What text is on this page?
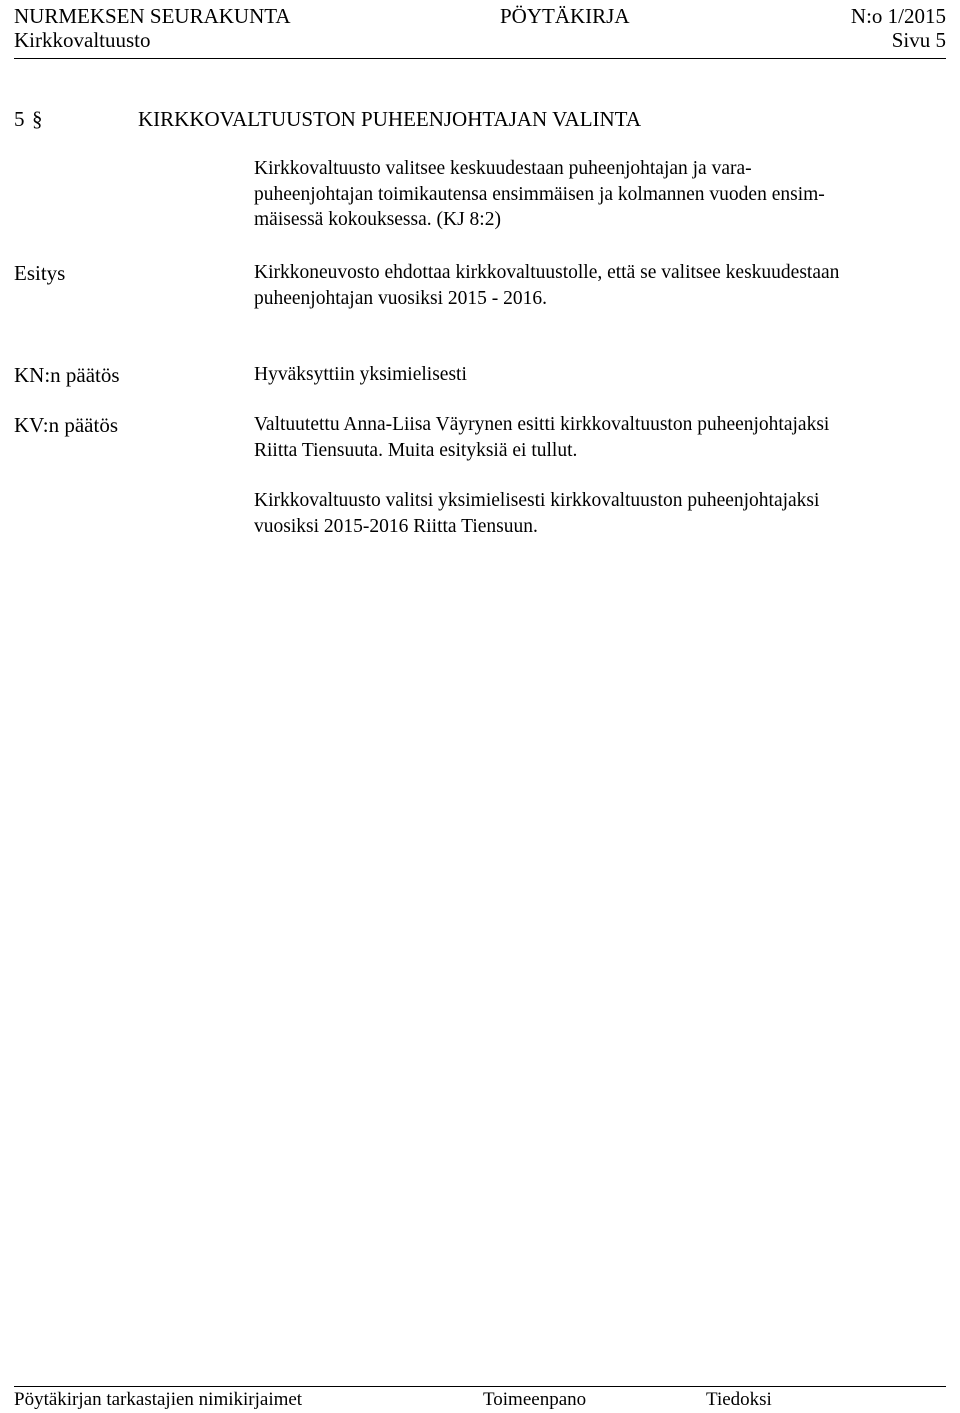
NURMEKSEN SEURAKUNTA	PÖYTÄKIRJA	N:o 1/2015
Kirkkovaltuusto	Sivu 5
5 §	KIRKKOVALTUUSTON PUHEENJOHTAJAN VALINTA
Kirkkovaltuusto valitsee keskuudestaan puheenjohtajan ja vara-
puheenjohtajan toimikautensa ensimmäisen ja kolmannen vuoden ensim-
mäisessä kokouksessa. (KJ 8:2)
Esitys	Kirkkoneuvosto ehdottaa kirkkovaltuustolle, että se valitsee keskuudestaan
puheenjohtajan vuosiksi 2015 - 2016.
KN:n päätös	Hyväksyttiin yksimielisesti
KV:n päätös	Valtuutettu Anna-Liisa Väyrynen esitti kirkkovaltuuston puheenjohtajaksi
Riitta Tiensuuta. Muita esityksiä ei tullut.
Kirkkovaltuusto valitsi yksimielisesti kirkkovaltuuston puheenjohtajaksi
vuosiksi 2015-2016 Riitta Tiensuun.
Pöytäkirjan tarkastajien nimikirjaimet	Toimeenpano	Tiedoksi
